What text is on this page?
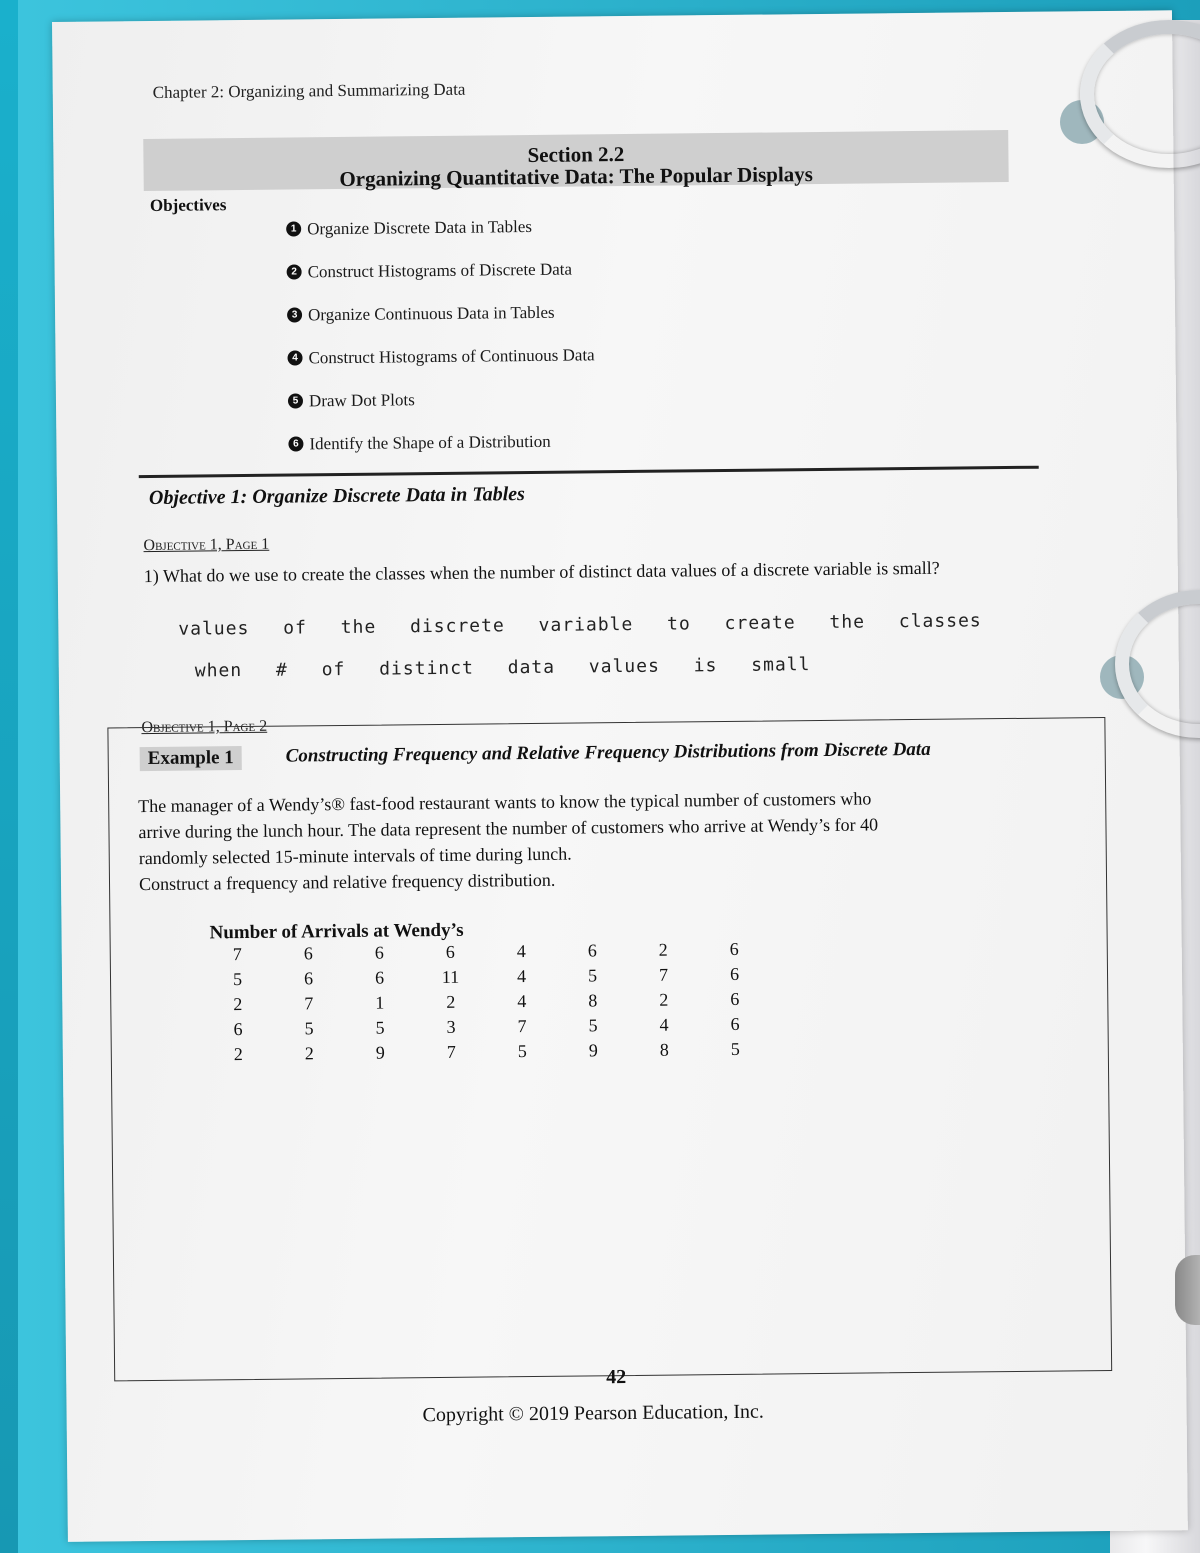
Chapter 2: Organizing and Summarizing Data
Section 2.2
Organizing Quantitative Data: The Popular Displays
Objectives
1 Organize Discrete Data in Tables
2 Construct Histograms of Discrete Data
3 Organize Continuous Data in Tables
4 Construct Histograms of Continuous Data
5 Draw Dot Plots
6 Identify the Shape of a Distribution
Objective 1: Organize Discrete Data in Tables
Objective 1, Page 1
1) What do we use to create the classes when the number of distinct data values of a discrete variable is small?
values of the discrete variable to create the classes
when # of distinct data values is small
Objective 1, Page 2
Example 1	Constructing Frequency and Relative Frequency Distributions from Discrete Data

The manager of a Wendy’s® fast-food restaurant wants to know the typical number of customers who

arrive during the lunch hour. The data represent the number of customers who arrive at Wendy’s for 40

randomly selected 15-minute intervals of time during lunch.

Construct a frequency and relative frequency distribution.

Number of Arrivals at Wendy’s
7	6	6	6	4	6	2	6
5	6	6	11	4	5	7	6
2	7	1	2	4	8	2	6
6	5	5	3	7	5	4	6
2	2	9	7	5	9	8	5
42
Copyright © 2019 Pearson Education, Inc.
